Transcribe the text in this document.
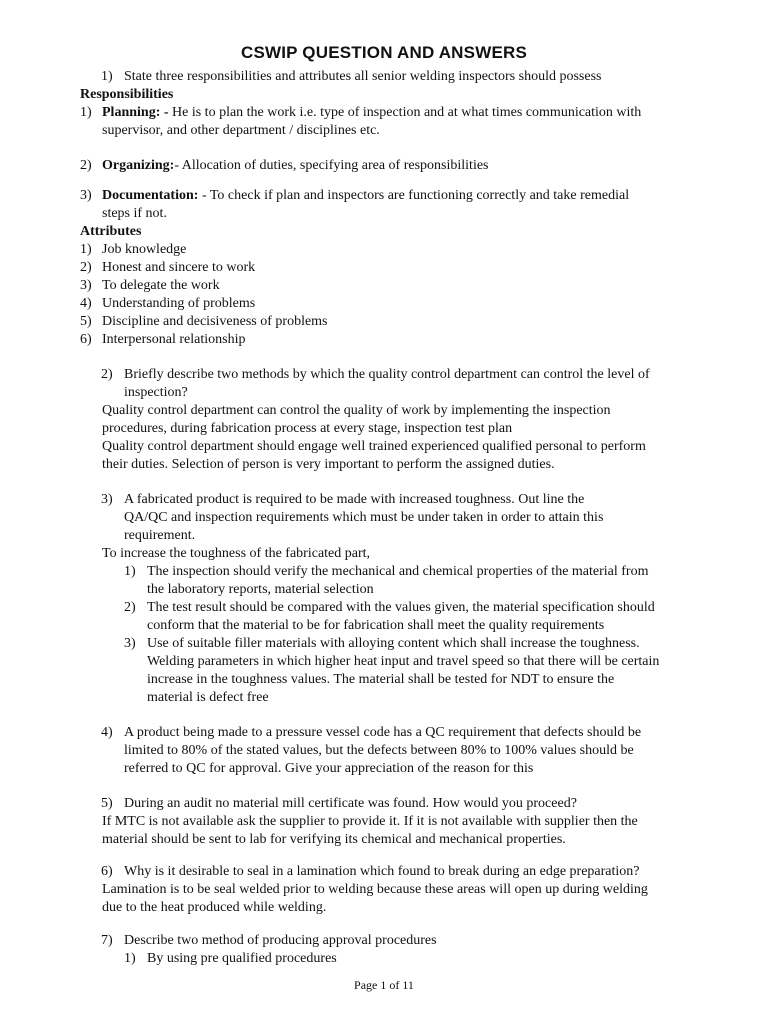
CSWIP QUESTION AND ANSWERS
1) State three responsibilities and attributes all senior welding inspectors should possess
Responsibilities
1) Planning: - He is to plan the work i.e. type of inspection and at what times communication with
supervisor, and other department / disciplines etc.
2) Organizing:- Allocation of duties, specifying area of responsibilities
3) Documentation: - To check if plan and inspectors are functioning correctly and take remedial
steps if not.
Attributes
1) Job knowledge
2) Honest and sincere to work
3) To delegate the work
4) Understanding of problems
5) Discipline and decisiveness of problems
6) Interpersonal relationship
2) Briefly describe two methods by which the quality control department can control the level of
inspection?
Quality control department can control the quality of work by implementing the inspection
procedures, during fabrication process at every stage, inspection test plan
Quality control department should engage well trained experienced qualified personal to perform
their duties. Selection of person is very important to perform the assigned duties.
3) A fabricated product is required to be made with increased toughness. Out line the
QA/QC and inspection requirements which must be under taken in order to attain this
requirement.
To increase the toughness of the fabricated part,
1) The inspection should verify the mechanical and chemical properties of the material from
the laboratory reports, material selection
2) The test result should be compared with the values given, the material specification should
conform that the material to be for fabrication shall meet the quality requirements
3) Use of suitable filler materials with alloying content which shall increase the toughness.
Welding parameters in which higher heat input and travel speed so that there will be certain
increase in the toughness values. The material shall be tested for NDT to ensure the
material is defect free
4) A product being made to a pressure vessel code has a QC requirement that defects should be
limited to 80% of the stated values, but the defects between 80% to 100% values should be
referred to QC for approval. Give your appreciation of the reason for this
5) During an audit no material mill certificate was found. How would you proceed?
If MTC is not available ask the supplier to provide it. If it is not available with supplier then the
material should be sent to lab for verifying its chemical and mechanical properties.
6) Why is it desirable to seal in a lamination which found to break during an edge preparation?
Lamination is to be seal welded prior to welding because these areas will open up during welding
due to the heat produced while welding.
7) Describe two method of producing approval procedures
1) By using pre qualified procedures
Page 1 of 11
